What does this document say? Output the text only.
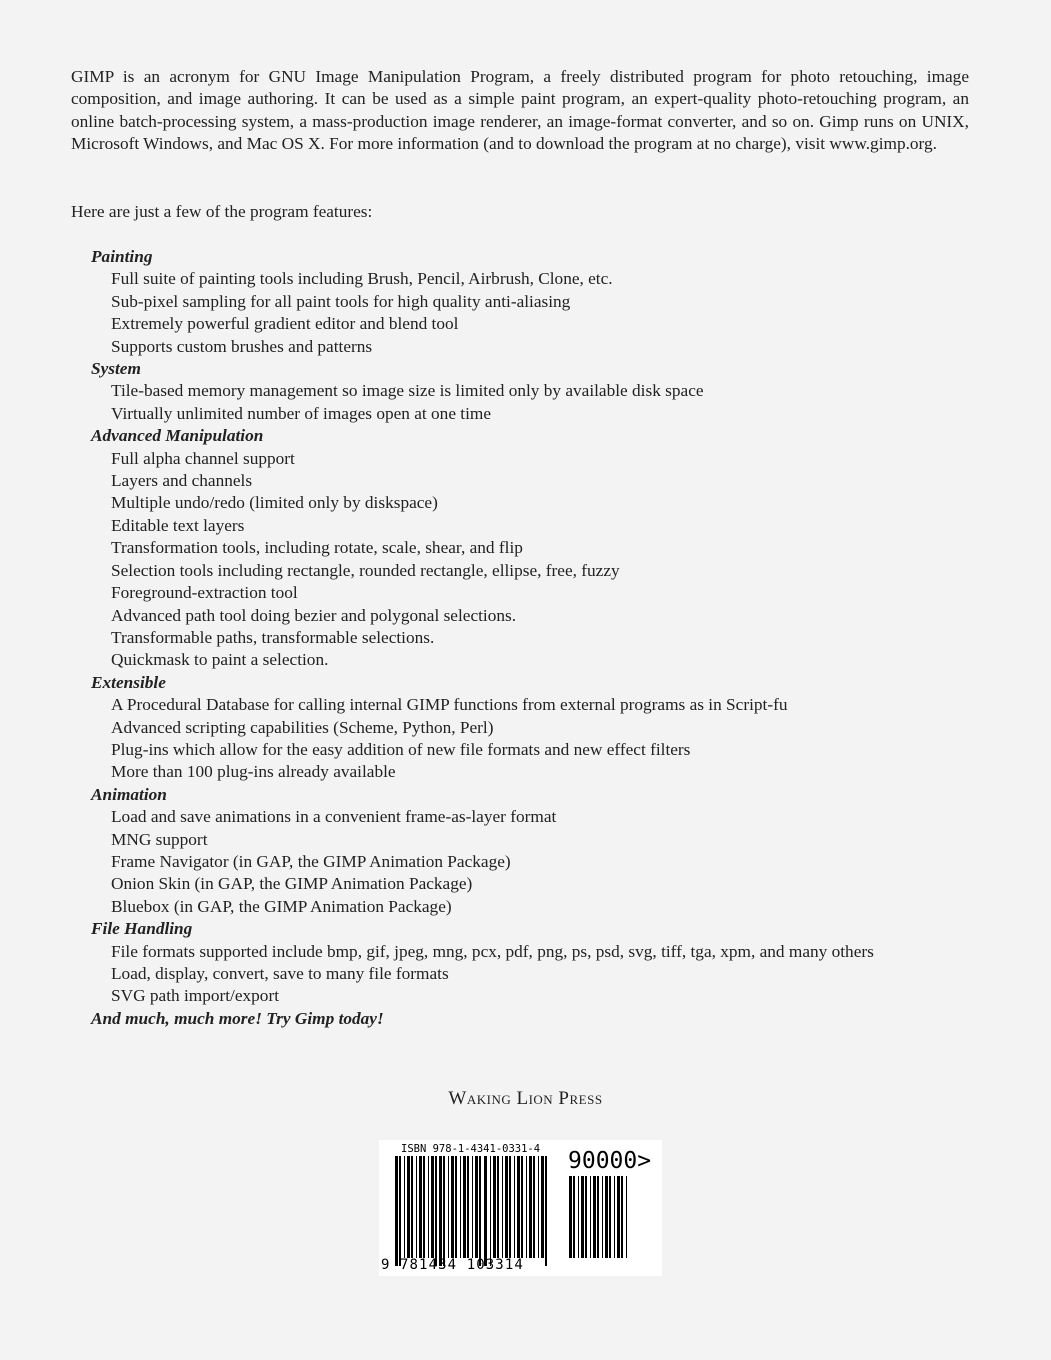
GIMP is an acronym for GNU Image Manipulation Program, a freely distributed program for photo retouching, image composition, and image authoring. It can be used as a simple paint program, an expert-quality photo-retouching program, an online batch-processing system, a mass-production image renderer, an image-format converter, and so on. Gimp runs on UNIX, Microsoft Windows, and Mac OS X. For more information (and to download the program at no charge), visit www.gimp.org.

Here are just a few of the program features:

Painting

Full suite of painting tools including Brush, Pencil, Airbrush, Clone, etc.
Sub-pixel sampling for all paint tools for high quality anti-aliasing
Extremely powerful gradient editor and blend tool
Supports custom brushes and patterns

System

Tile-based memory management so image size is limited only by available disk space
Virtually unlimited number of images open at one time

Advanced Manipulation

Full alpha channel support
Layers and channels
Multiple undo/redo (limited only by diskspace)
Editable text layers
Transformation tools, including rotate, scale, shear, and flip
Selection tools including rectangle, rounded rectangle, ellipse, free, fuzzy
Foreground-extraction tool
Advanced path tool doing bezier and polygonal selections.
Transformable paths, transformable selections.
Quickmask to paint a selection.

Extensible

A Procedural Database for calling internal GIMP functions from external programs as in Script-fu
Advanced scripting capabilities (Scheme, Python, Perl)
Plug-ins which allow for the easy addition of new file formats and new effect filters
More than 100 plug-ins already available

Animation

Load and save animations in a convenient frame-as-layer format
MNG support
Frame Navigator (in GAP, the GIMP Animation Package)
Onion Skin (in GAP, the GIMP Animation Package)
Bluebox (in GAP, the GIMP Animation Package)

File Handling

File formats supported include bmp, gif, jpeg, mng, pcx, pdf, png, ps, psd, svg, tiff, tga, xpm, and many others
Load, display, convert, save to many file formats
SVG path import/export

And much, much more! Try Gimp today!

Waking Lion Press

ISBN 978-1-4341-0331-4
9 781434 103314
90000>
